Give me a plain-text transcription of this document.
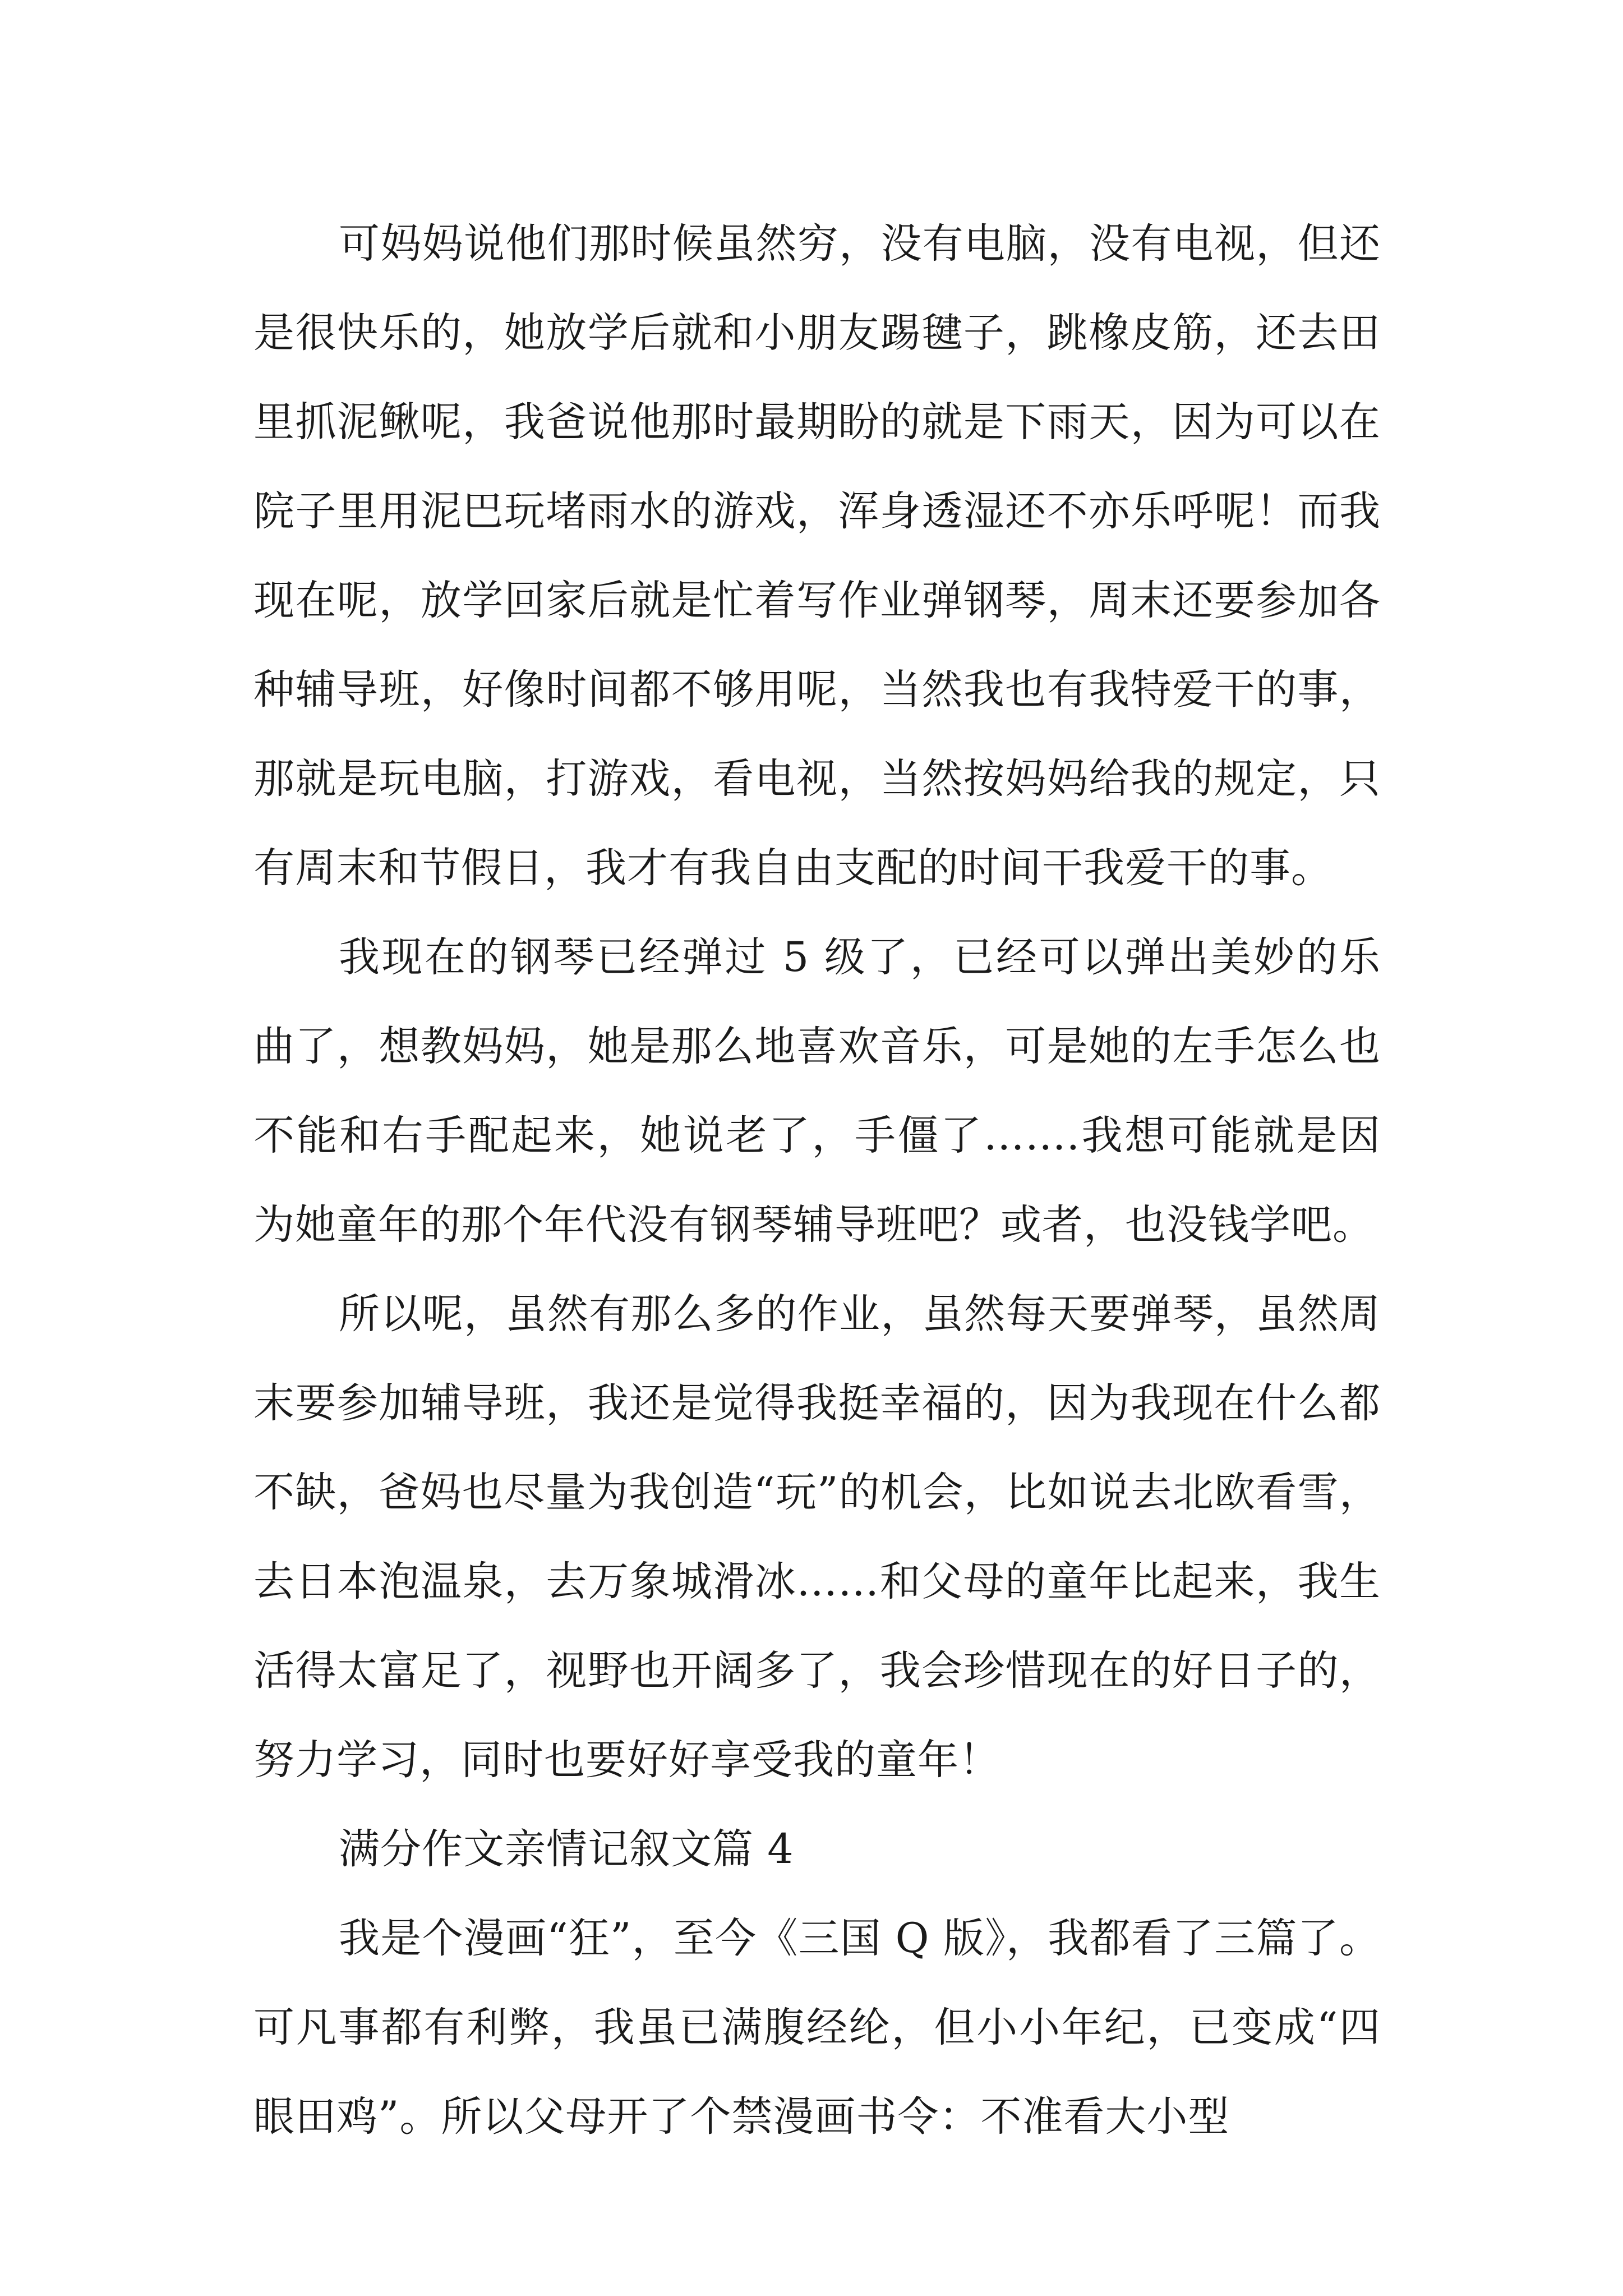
可妈妈说他们那时候虽然穷，没有电脑，没有电视，但还是很快乐的，她放学后就和小朋友踢毽子，跳橡皮筋，还去田里抓泥鳅呢，我爸说他那时最期盼的就是下雨天，因为可以在院子里用泥巴玩堵雨水的游戏，浑身透湿还不亦乐呼呢！而我现在呢，放学回家后就是忙着写作业弹钢琴，周末还要参加各种辅导班，好像时间都不够用呢，当然我也有我特爱干的事，那就是玩电脑，打游戏，看电视，当然按妈妈给我的规定，只有周末和节假日，我才有我自由支配的时间干我爱干的事。

我现在的钢琴已经弹过 5 级了，已经可以弹出美妙的乐曲了，想教妈妈，她是那么地喜欢音乐，可是她的左手怎么也不能和右手配起来，她说老了，手僵了…….我想可能就是因为她童年的那个年代没有钢琴辅导班吧？或者，也没钱学吧。

所以呢，虽然有那么多的作业，虽然每天要弹琴，虽然周末要参加辅导班，我还是觉得我挺幸福的，因为我现在什么都不缺，爸妈也尽量为我创造“玩”的机会，比如说去北欧看雪，去日本泡温泉，去万象城滑冰……和父母的童年比起来，我生活得太富足了，视野也开阔多了，我会珍惜现在的好日子的，努力学习，同时也要好好享受我的童年！

满分作文亲情记叙文篇 4

我是个漫画“狂”，至今《三国 Q 版》，我都看了三篇了。可凡事都有利弊，我虽已满腹经纶，但小小年纪，已变成“四眼田鸡”。所以父母开了个禁漫画书令：不准看大小型
